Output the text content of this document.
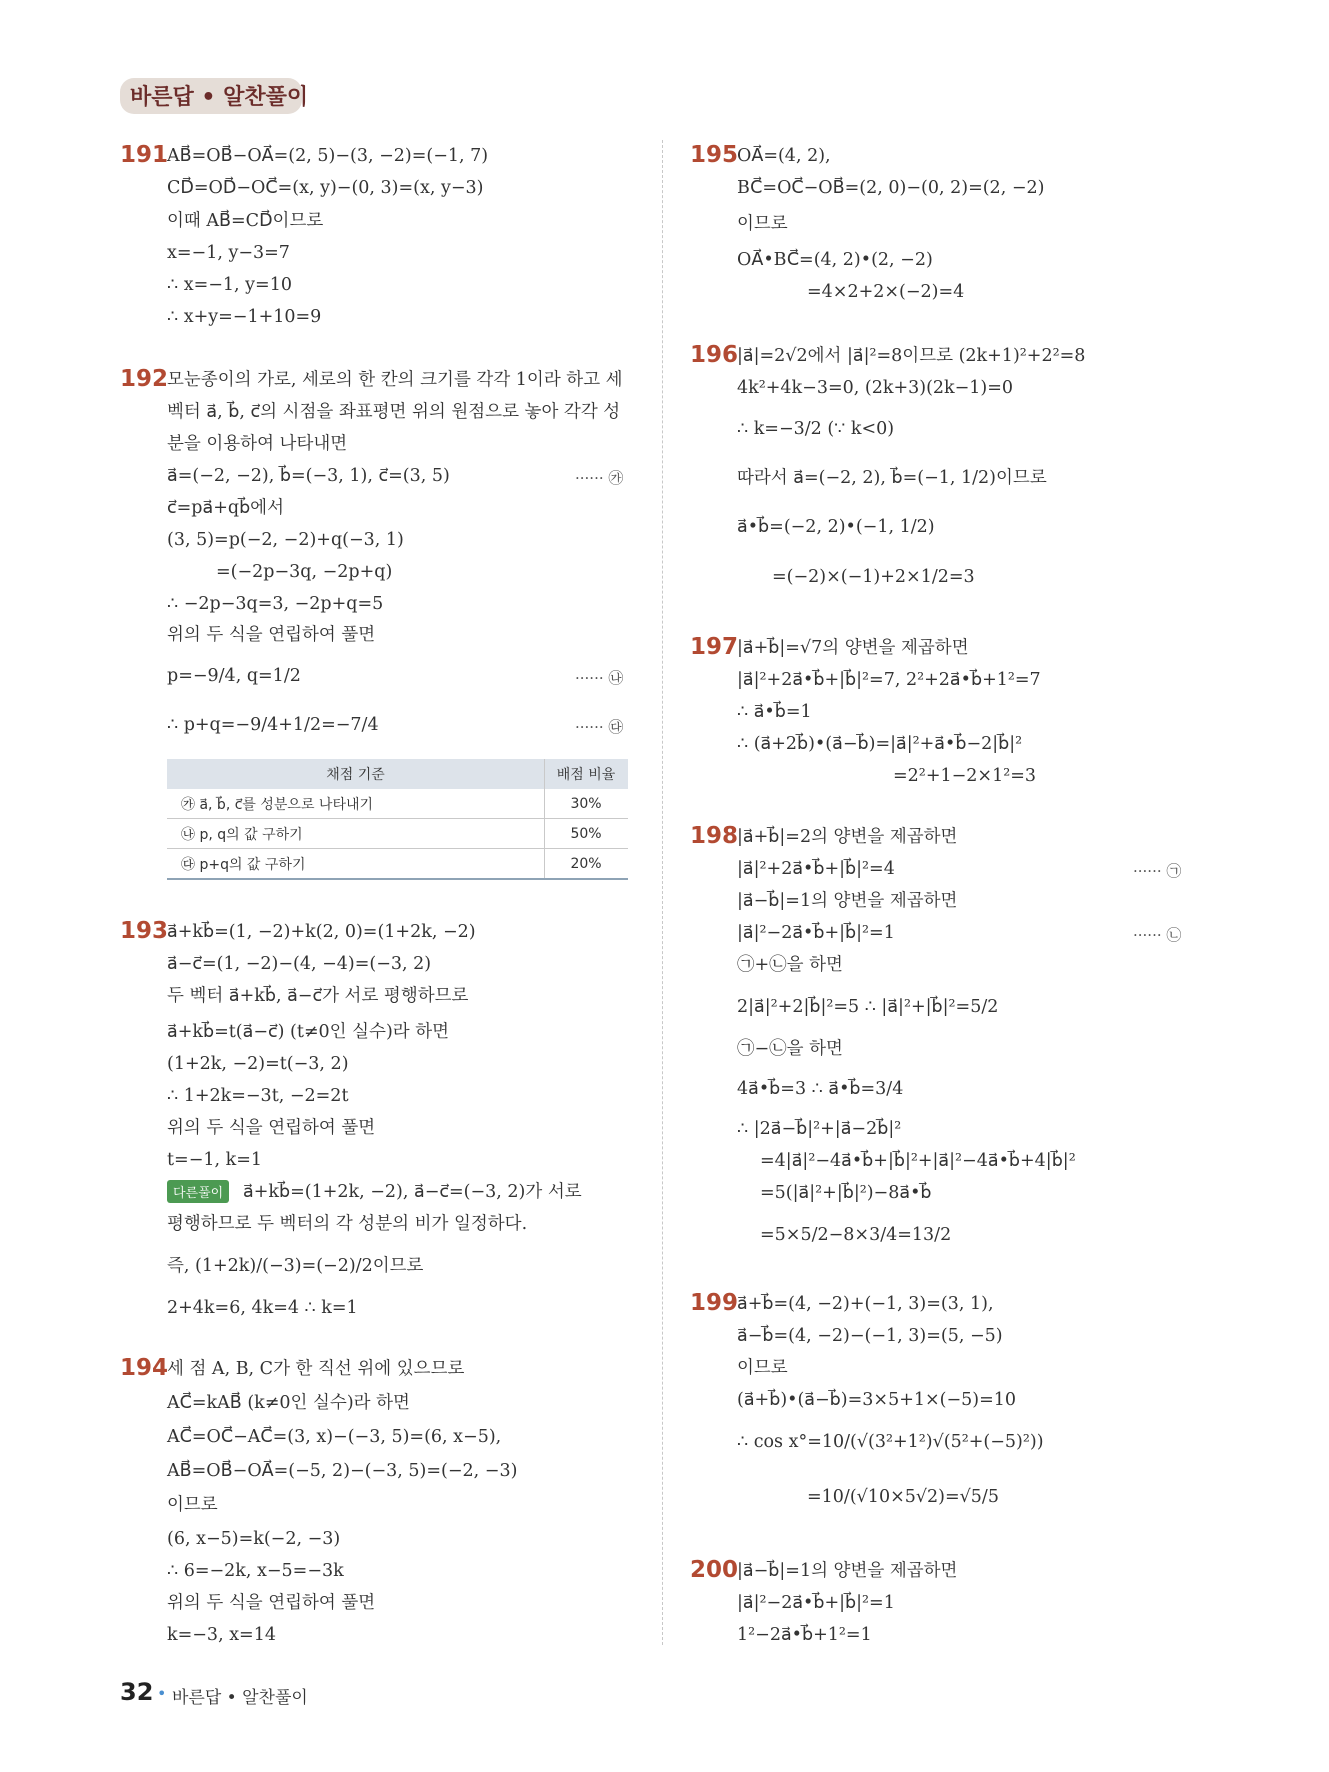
바른답 • 알찬풀이
191
AB⃗=OB⃗−OA⃗=(2, 5)−(3, −2)=(−1, 7)
CD⃗=OD⃗−OC⃗=(x, y)−(0, 3)=(x, y−3)
이때 AB⃗=CD⃗이므로
x=−1, y−3=7
∴ x=−1, y=10
∴ x+y=−1+10=9
192
모눈종이의 가로, 세로의 한 칸의 크기를 각각 1이라 하고 세
벡터 a⃗, b⃗, c⃗의 시점을 좌표평면 위의 원점으로 놓아 각각 성
분을 이용하여 나타내면
a⃗=(−2, −2), b⃗=(−3, 1), c⃗=(3, 5)	······ ㉮
c⃗=pa⃗+qb⃗에서
(3, 5)=p(−2, −2)+q(−3, 1)
=(−2p−3q, −2p+q)
∴ −2p−3q=3, −2p+q=5
위의 두 식을 연립하여 풀면
p=−9/4, q=1/2	······ ㉯
∴ p+q=−9/4+1/2=−7/4	······ ㉰
채점 기준	배점 비율
㉮ a⃗, b⃗, c⃗를 성분으로 나타내기	30%
㉯ p, q의 값 구하기	50%
㉰ p+q의 값 구하기	20%
193
a⃗+kb⃗=(1, −2)+k(2, 0)=(1+2k, −2)
a⃗−c⃗=(1, −2)−(4, −4)=(−3, 2)
두 벡터 a⃗+kb⃗, a⃗−c⃗가 서로 평행하므로
a⃗+kb⃗=t(a⃗−c⃗) (t≠0인 실수)라 하면
(1+2k, −2)=t(−3, 2)
∴ 1+2k=−3t, −2=2t
위의 두 식을 연립하여 풀면
t=−1, k=1
다른풀이	a⃗+kb⃗=(1+2k, −2), a⃗−c⃗=(−3, 2)가 서로
평행하므로 두 벡터의 각 성분의 비가 일정하다.
즉, (1+2k)/(−3)=(−2)/2이므로
2+4k=6, 4k=4 ∴ k=1
194
세 점 A, B, C가 한 직선 위에 있으므로
AC⃗=kAB⃗ (k≠0인 실수)라 하면
AC⃗=OC⃗−AC⃗=(3, x)−(−3, 5)=(6, x−5),
AB⃗=OB⃗−OA⃗=(−5, 2)−(−3, 5)=(−2, −3)
이므로
(6, x−5)=k(−2, −3)
∴ 6=−2k, x−5=−3k
위의 두 식을 연립하여 풀면
k=−3, x=14
195
OA⃗=(4, 2),
BC⃗=OC⃗−OB⃗=(2, 0)−(0, 2)=(2, −2)
이므로
OA⃗•BC⃗=(4, 2)•(2, −2)
=4×2+2×(−2)=4
196
|a⃗|=2√2에서 |a⃗|²=8이므로 (2k+1)²+2²=8
4k²+4k−3=0, (2k+3)(2k−1)=0
∴ k=−3/2 (∵ k<0)
따라서 a⃗=(−2, 2), b⃗=(−1, 1/2)이므로
a⃗•b⃗=(−2, 2)•(−1, 1/2)
=(−2)×(−1)+2×1/2=3
197
|a⃗+b⃗|=√7의 양변을 제곱하면
|a⃗|²+2a⃗•b⃗+|b⃗|²=7, 2²+2a⃗•b⃗+1²=7
∴ a⃗•b⃗=1
∴ (a⃗+2b⃗)•(a⃗−b⃗)=|a⃗|²+a⃗•b⃗−2|b⃗|²
=2²+1−2×1²=3
198
|a⃗+b⃗|=2의 양변을 제곱하면
|a⃗|²+2a⃗•b⃗+|b⃗|²=4	······ ㉠
|a⃗−b⃗|=1의 양변을 제곱하면
|a⃗|²−2a⃗•b⃗+|b⃗|²=1	······ ㉡
㉠+㉡을 하면
2|a⃗|²+2|b⃗|²=5 ∴ |a⃗|²+|b⃗|²=5/2
㉠−㉡을 하면
4a⃗•b⃗=3 ∴ a⃗•b⃗=3/4
∴ |2a⃗−b⃗|²+|a⃗−2b⃗|²
=4|a⃗|²−4a⃗•b⃗+|b⃗|²+|a⃗|²−4a⃗•b⃗+4|b⃗|²
=5(|a⃗|²+|b⃗|²)−8a⃗•b⃗
=5×5/2−8×3/4=13/2
199
a⃗+b⃗=(4, −2)+(−1, 3)=(3, 1),
a⃗−b⃗=(4, −2)−(−1, 3)=(5, −5)
이므로
(a⃗+b⃗)•(a⃗−b⃗)=3×5+1×(−5)=10
∴ cos x°=10/(√(3²+1²)√(5²+(−5)²))
=10/(√10×5√2)=√5/5
200
|a⃗−b⃗|=1의 양변을 제곱하면
|a⃗|²−2a⃗•b⃗+|b⃗|²=1
1²−2a⃗•b⃗+1²=1
32 • 바른답 • 알찬풀이
